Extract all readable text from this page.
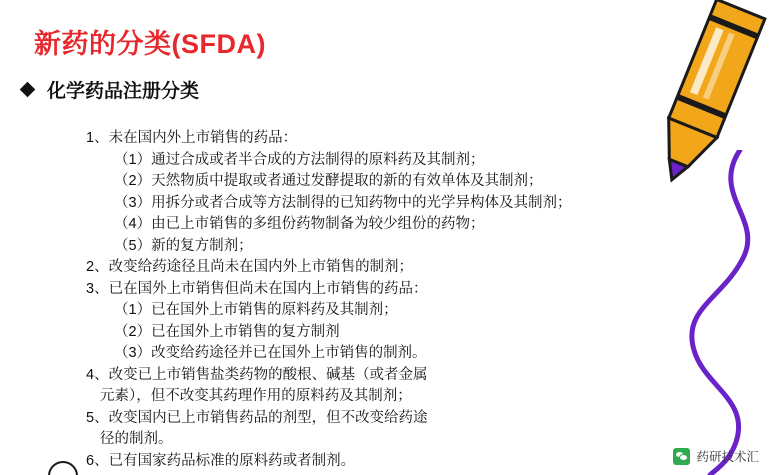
新药的分类(SFDA)
化学药品注册分类
1、未在国内外上市销售的药品：
（1）通过合成或者半合成的方法制得的原料药及其制剂；
（2）天然物质中提取或者通过发酵提取的新的有效单体及其制剂；
（3）用拆分或者合成等方法制得的已知药物中的光学异构体及其制剂；
（4）由已上市销售的多组份药物制备为较少组份的药物；
（5）新的复方制剂；
2、改变给药途径且尚未在国内外上市销售的制剂；
3、已在国外上市销售但尚未在国内上市销售的药品：
（1）已在国外上市销售的原料药及其制剂；
（2）已在国外上市销售的复方制剂
（3）改变给药途径并已在国外上市销售的制剂。
4、改变已上市销售盐类药物的酸根、碱基（或者金属
元素），但不改变其药理作用的原料药及其制剂；
5、改变国内已上市销售药品的剂型，但不改变给药途
径的制剂。
6、已有国家药品标准的原料药或者制剂。	药研技术汇
